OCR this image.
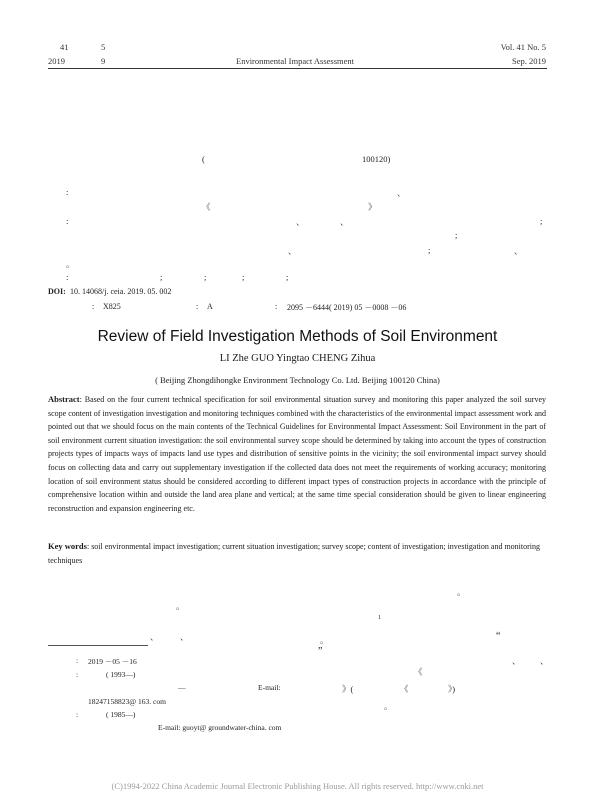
41	5
2019	9	Environmental Impact Assessment
Vol. 41 No. 5
Sep. 2019
(	100120)
、
:
《	》
:	、	、	;
;
、	;	、
。
:	;	;	;	;
DOI: 10. 14068/j. ceia. 2019. 05. 002
: X825	: A	: 2095 －6444( 2019) 05 －0008 －06
Review of Field Investigation Methods of Soil Environment
LI Zhe GUO Yingtao CHENG Zihua
( Beijing Zhongdihongke Environment Technology Co. Ltd. Beijing 100120 China)
Abstract: Based on the four current technical specification for soil environmental situation survey and monitoring this paper analyzed the soil survey scope content of investigation investigation and monitoring techniques combined with the characteristics of the environmental impact assessment work and pointed out that we should focus on the main contents of the Technical Guidelines for Environmental Impact Assessment: Soil Environment in the part of soil environment current situation investigation: the soil environmental survey scope should be determined by taking into account the types of construction projects types of impacts ways of impacts land use types and distribution of sensitive points in the vicinity; the soil environmental impact survey should focus on collecting data and carry out supplementary investigation if the collected data does not meet the requirements of working accuracy; monitoring location of soil environment status should be considered according to different impact types of construction projects in accordance with the principle of comprehensive location within and outside the land area plane and vertical; at the same time special consideration should be given to linear engineering reconstruction and expansion engineering etc.
Key words: soil environmental impact investigation; current situation investigation; survey scope; content of investigation; investigation and monitoring techniques
。
。
1
、	、	。	“
”
、 、
《
》(	《	》)
。
: 2019 －05 －16
:	( 1993—)
—	E-mail:
18247158823@ 163. com
:	( 1985—)
E-mail: guoyt@ groundwater-china. com
(C)1994-2022 China Academic Journal Electronic Publishing House. All rights reserved. http://www.cnki.net
